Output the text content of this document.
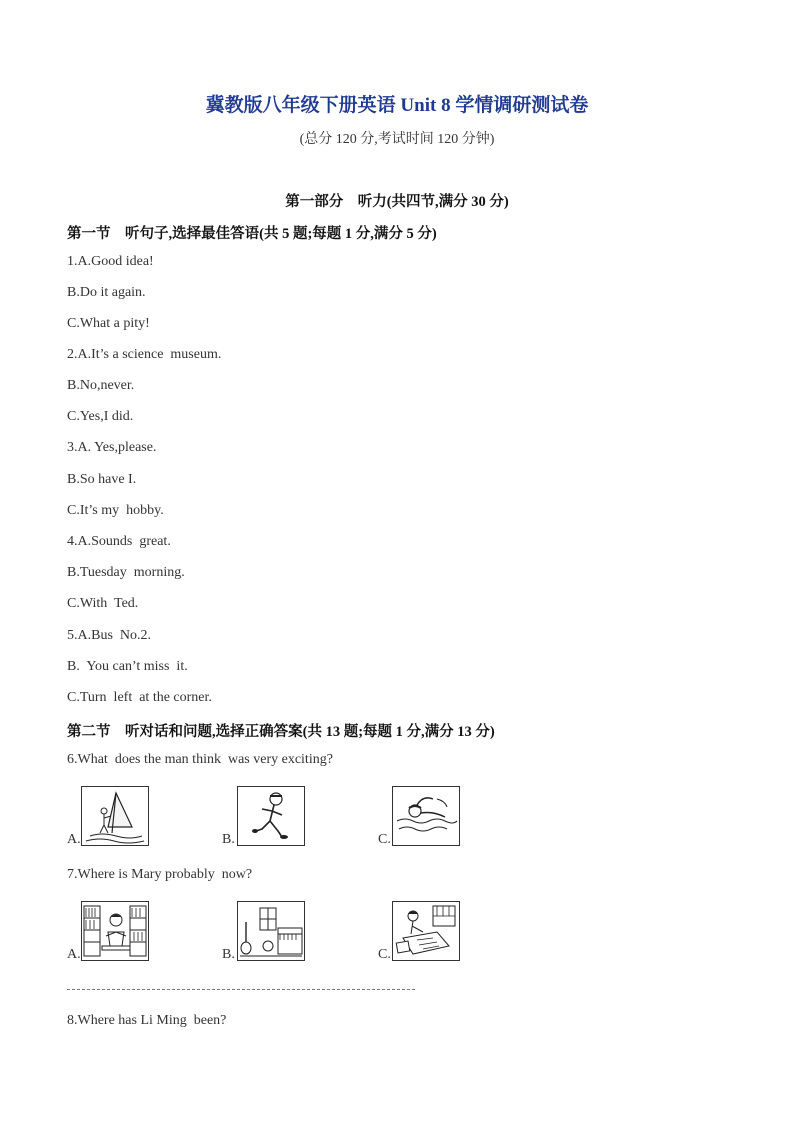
冀教版八年级下册英语 Unit 8 学情调研测试卷
(总分 120 分,考试时间 120 分钟)
第一部分　听力(共四节,满分 30 分)
第一节　听句子,选择最佳答语(共 5 题;每题 1 分,满分 5 分)
1.A.Good idea!
B.Do it again.
C.What a pity!
2.A.It’s a science  museum.
B.No,never.
C.Yes,I did.
3.A. Yes,please.
B.So have I.
C.It’s my  hobby.
4.A.Sounds  great.
B.Tuesday  morning.
C.With  Ted.
5.A.Bus  No.2.
B.  You can’t miss  it.
C.Turn  left  at the corner.
第二节　听对话和问题,选择正确答案(共 13 题;每题 1 分,满分 13 分)
6.What  does the man think  was very exciting?
A.	B.	C.
7.Where is Mary probably  now?
A.	B.	C.
8.Where has Li Ming  been?
